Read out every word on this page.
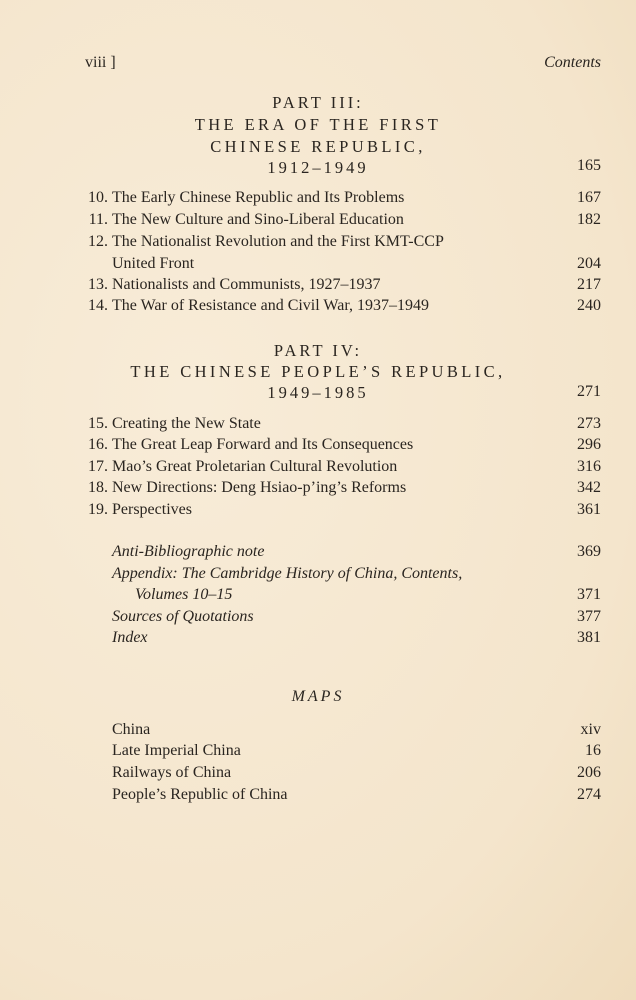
viii ]	Contents
PART III:
THE ERA OF THE FIRST
CHINESE REPUBLIC,
1912–1949	165
10. The Early Chinese Republic and Its Problems	167
11. The New Culture and Sino-Liberal Education	182
12. The Nationalist Revolution and the First KMT-CCP
United Front	204
13. Nationalists and Communists, 1927–1937	217
14. The War of Resistance and Civil War, 1937–1949	240
PART IV:
THE CHINESE PEOPLE’S REPUBLIC,
1949–1985	271
15. Creating the New State	273
16. The Great Leap Forward and Its Consequences	296
17. Mao’s Great Proletarian Cultural Revolution	316
18. New Directions: Deng Hsiao-p’ing’s Reforms	342
19. Perspectives	361
Anti-Bibliographic note	369
Appendix: The Cambridge History of China, Contents,
Volumes 10–15	371
Sources of Quotations	377
Index	381
MAPS
China	xiv
Late Imperial China	16
Railways of China	206
People’s Republic of China	274
